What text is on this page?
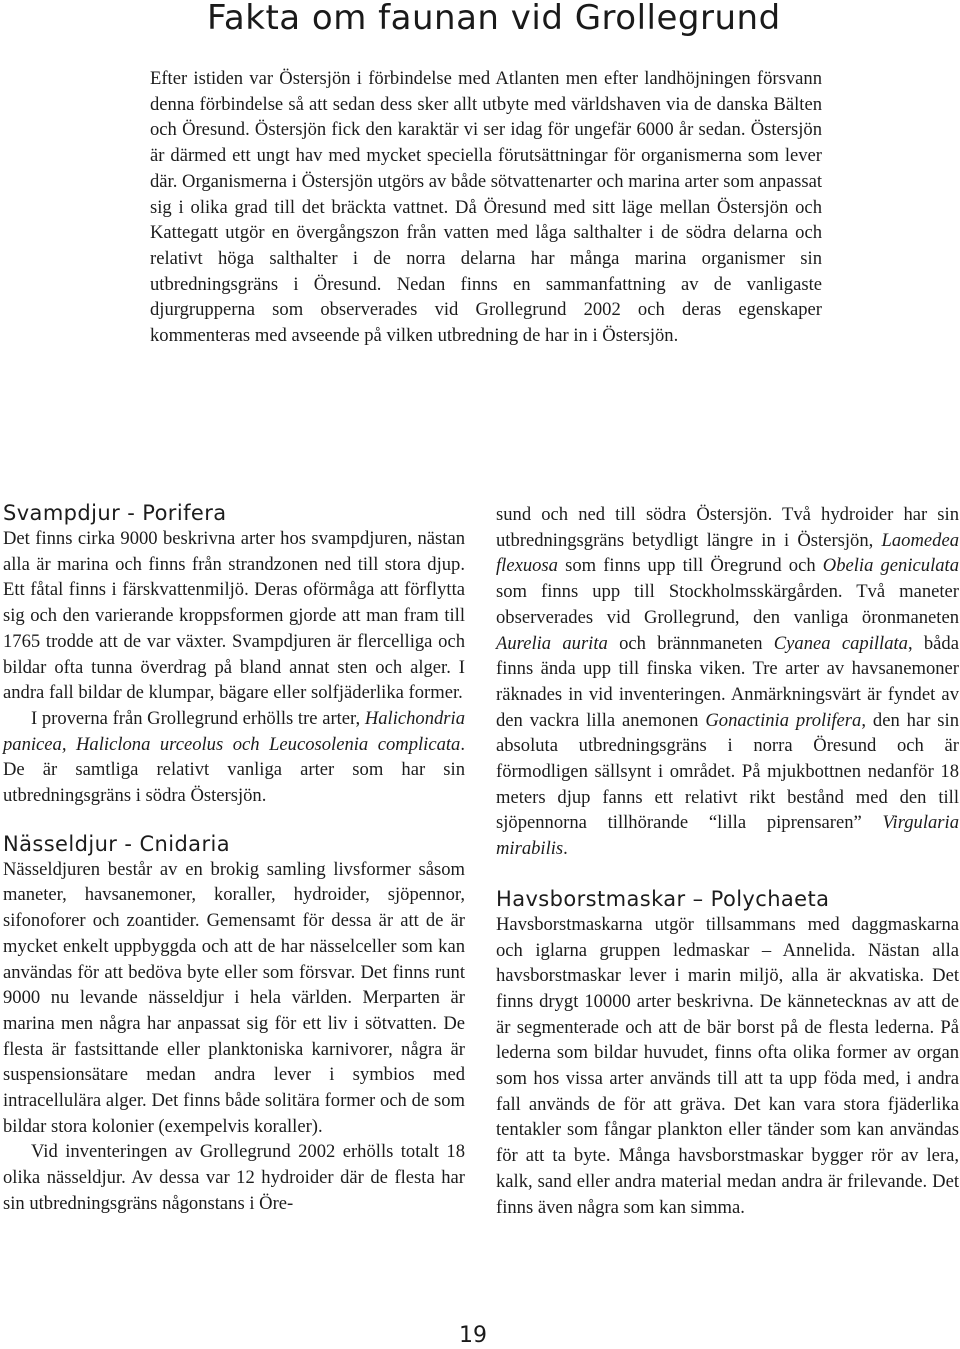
Fakta om faunan vid Grollegrund

Efter istiden var Östersjön i förbindelse med Atlanten men efter landhöjningen försvann denna förbindelse så att sedan dess sker allt utbyte med världshaven via de danska Bälten och Öresund. Östersjön fick den karaktär vi ser idag för ungefär 6000 år sedan. Östersjön är därmed ett ungt hav med mycket speciella förutsättningar för organismerna som lever där. Organismerna i Östersjön utgörs av både sötvattenarter och marina arter som anpassat sig i olika grad till det bräckta vattnet. Då Öresund med sitt läge mellan Östersjön och Kattegatt utgör en övergångszon från vatten med låga salthalter i de södra delarna och relativt höga salthalter i de norra delarna har många marina organismer sin utbredningsgräns i Öresund. Nedan finns en sammanfattning av de vanligaste djurgrupperna som observerades vid Grollegrund 2002 och deras egenskaper kommenteras med avseende på vilken utbredning de har in i Östersjön.

Svampdjur - Porifera

Det finns cirka 9000 beskrivna arter hos svampdjuren, nästan alla är marina och finns från strandzonen ned till stora djup. Ett fåtal finns i färskvattenmiljö. Deras oförmåga att förflytta sig och den varierande kroppsformen gjorde att man fram till 1765 trodde att de var växter. Svampdjuren är flercelliga och bildar ofta tunna överdrag på bland annat sten och alger. I andra fall bildar de klumpar, bägare eller solfjäderlika former.

I proverna från Grollegrund erhölls tre arter, Halichondria panicea, Haliclona urceolus och Leucosolenia complicata. De är samtliga relativt vanliga arter som har sin utbredningsgräns i södra Östersjön.

Nässeldjur - Cnidaria

Nässeldjuren består av en brokig samling livsformer såsom maneter, havsanemoner, koraller, hydroider, sjöpennor, sifonoforer och zoantider. Gemensamt för dessa är att de är mycket enkelt uppbyggda och att de har nässelceller som kan användas för att bedöva byte eller som försvar. Det finns runt 9000 nu levande nässeldjur i hela världen. Merparten är marina men några har anpassat sig för ett liv i sötvatten. De flesta är fastsittande eller planktoniska karnivorer, några är suspensionsätare medan andra lever i symbios med intracellulära alger. Det finns både solitära former och de som bildar stora kolonier (exempelvis koraller).

Vid inventeringen av Grollegrund 2002 erhölls totalt 18 olika nässeldjur. Av dessa var 12 hydroider där de flesta har sin utbredningsgräns någonstans i Öre-

sund och ned till södra Östersjön. Två hydroider har sin utbredningsgräns betydligt längre in i Östersjön, Laomedea flexuosa som finns upp till Öregrund och Obelia geniculata som finns upp till Stockholmsskärgården. Två maneter observerades vid Grollegrund, den vanliga öronmaneten Aurelia aurita och brännmaneten Cyanea capillata, båda finns ända upp till finska viken. Tre arter av havsanemoner räknades in vid inventeringen. Anmärkningsvärt är fyndet av den vackra lilla anemonen Gonactinia prolifera, den har sin absoluta utbredningsgräns i norra Öresund och är förmodligen sällsynt i området. På mjukbottnen nedanför 18 meters djup fanns ett relativt rikt bestånd med den till sjöpennorna tillhörande “lilla piprensaren” Virgularia mirabilis.

Havsborstmaskar – Polychaeta

Havsborstmaskarna utgör tillsammans med daggmaskarna och iglarna gruppen ledmaskar – Annelida. Nästan alla havsborstmaskar lever i marin miljö, alla är akvatiska. Det finns drygt 10000 arter beskrivna. De kännetecknas av att de är segmenterade och att de bär borst på de flesta lederna. På lederna som bildar huvudet, finns ofta olika former av organ som hos vissa arter används till att ta upp föda med, i andra fall används de för att gräva. Det kan vara stora fjäderlika tentakler som fångar plankton eller tänder som kan användas för att ta byte. Många havsborstmaskar bygger rör av lera, kalk, sand eller andra material medan andra är frilevande. Det finns även några som kan simma.

19
